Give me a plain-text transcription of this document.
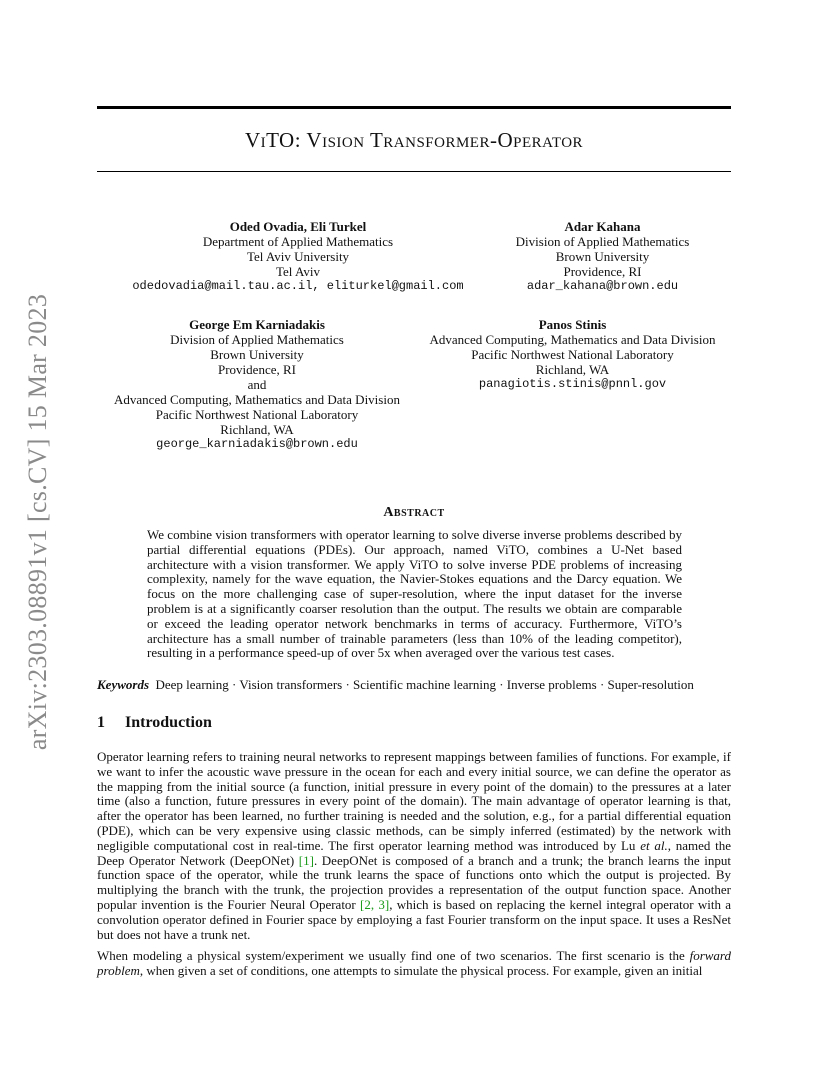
arXiv:2303.08891v1 [cs.CV] 15 Mar 2023
ViTO: Vision Transformer-Operator
Oded Ovadia, Eli Turkel
Department of Applied Mathematics
Tel Aviv University
Tel Aviv
odedovadia@mail.tau.ac.il, eliturkel@gmail.com
Adar Kahana
Division of Applied Mathematics
Brown University
Providence, RI
adar_kahana@brown.edu
George Em Karniadakis
Division of Applied Mathematics
Brown University
Providence, RI
and
Advanced Computing, Mathematics and Data Division
Pacific Northwest National Laboratory
Richland, WA
george_karniadakis@brown.edu
Panos Stinis
Advanced Computing, Mathematics and Data Division
Pacific Northwest National Laboratory
Richland, WA
panagiotis.stinis@pnnl.gov
Abstract
We combine vision transformers with operator learning to solve diverse inverse problems described by partial differential equations (PDEs). Our approach, named ViTO, combines a U-Net based architecture with a vision transformer. We apply ViTO to solve inverse PDE problems of increasing complexity, namely for the wave equation, the Navier-Stokes equations and the Darcy equation. We focus on the more challenging case of super-resolution, where the input dataset for the inverse problem is at a significantly coarser resolution than the output. The results we obtain are comparable or exceed the leading operator network benchmarks in terms of accuracy. Furthermore, ViTO’s architecture has a small number of trainable parameters (less than 10% of the leading competitor), resulting in a performance speed-up of over 5x when averaged over the various test cases.
Keywords Deep learning · Vision transformers · Scientific machine learning · Inverse problems · Super-resolution
1 Introduction
Operator learning refers to training neural networks to represent mappings between families of functions. For example, if we want to infer the acoustic wave pressure in the ocean for each and every initial source, we can define the operator as the mapping from the initial source (a function, initial pressure in every point of the domain) to the pressures at a later time (also a function, future pressures in every point of the domain). The main advantage of operator learning is that, after the operator has been learned, no further training is needed and the solution, e.g., for a partial differential equation (PDE), which can be very expensive using classic methods, can be simply inferred (estimated) by the network with negligible computational cost in real-time. The first operator learning method was introduced by Lu et al., named the Deep Operator Network (DeepONet) [1]. DeepONet is composed of a branch and a trunk; the branch learns the input function space of the operator, while the trunk learns the space of functions onto which the output is projected. By multiplying the branch with the trunk, the projection provides a representation of the output function space. Another popular invention is the Fourier Neural Operator [2, 3], which is based on replacing the kernel integral operator with a convolution operator defined in Fourier space by employing a fast Fourier transform on the input space. It uses a ResNet but does not have a trunk net.
When modeling a physical system/experiment we usually find one of two scenarios. The first scenario is the forward problem, when given a set of conditions, one attempts to simulate the physical process. For example, given an initial
